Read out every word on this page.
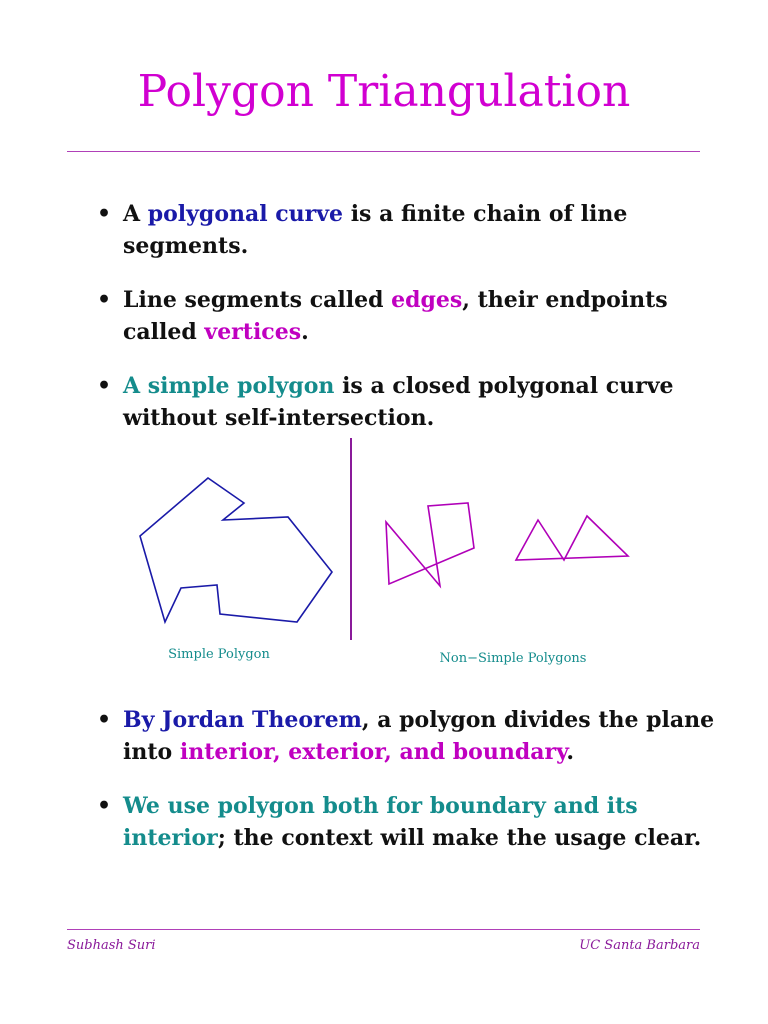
Polygon Triangulation
• A polygonal curve is a finite chain of line segments.
• Line segments called edges, their endpoints called vertices.
• A simple polygon is a closed polygonal curve without self-intersection.
Simple Polygon	Non−Simple Polygons
• By Jordan Theorem, a polygon divides the plane into interior, exterior, and boundary.
• We use polygon both for boundary and its interior; the context will make the usage clear.
Subhash Suri	UC Santa Barbara
